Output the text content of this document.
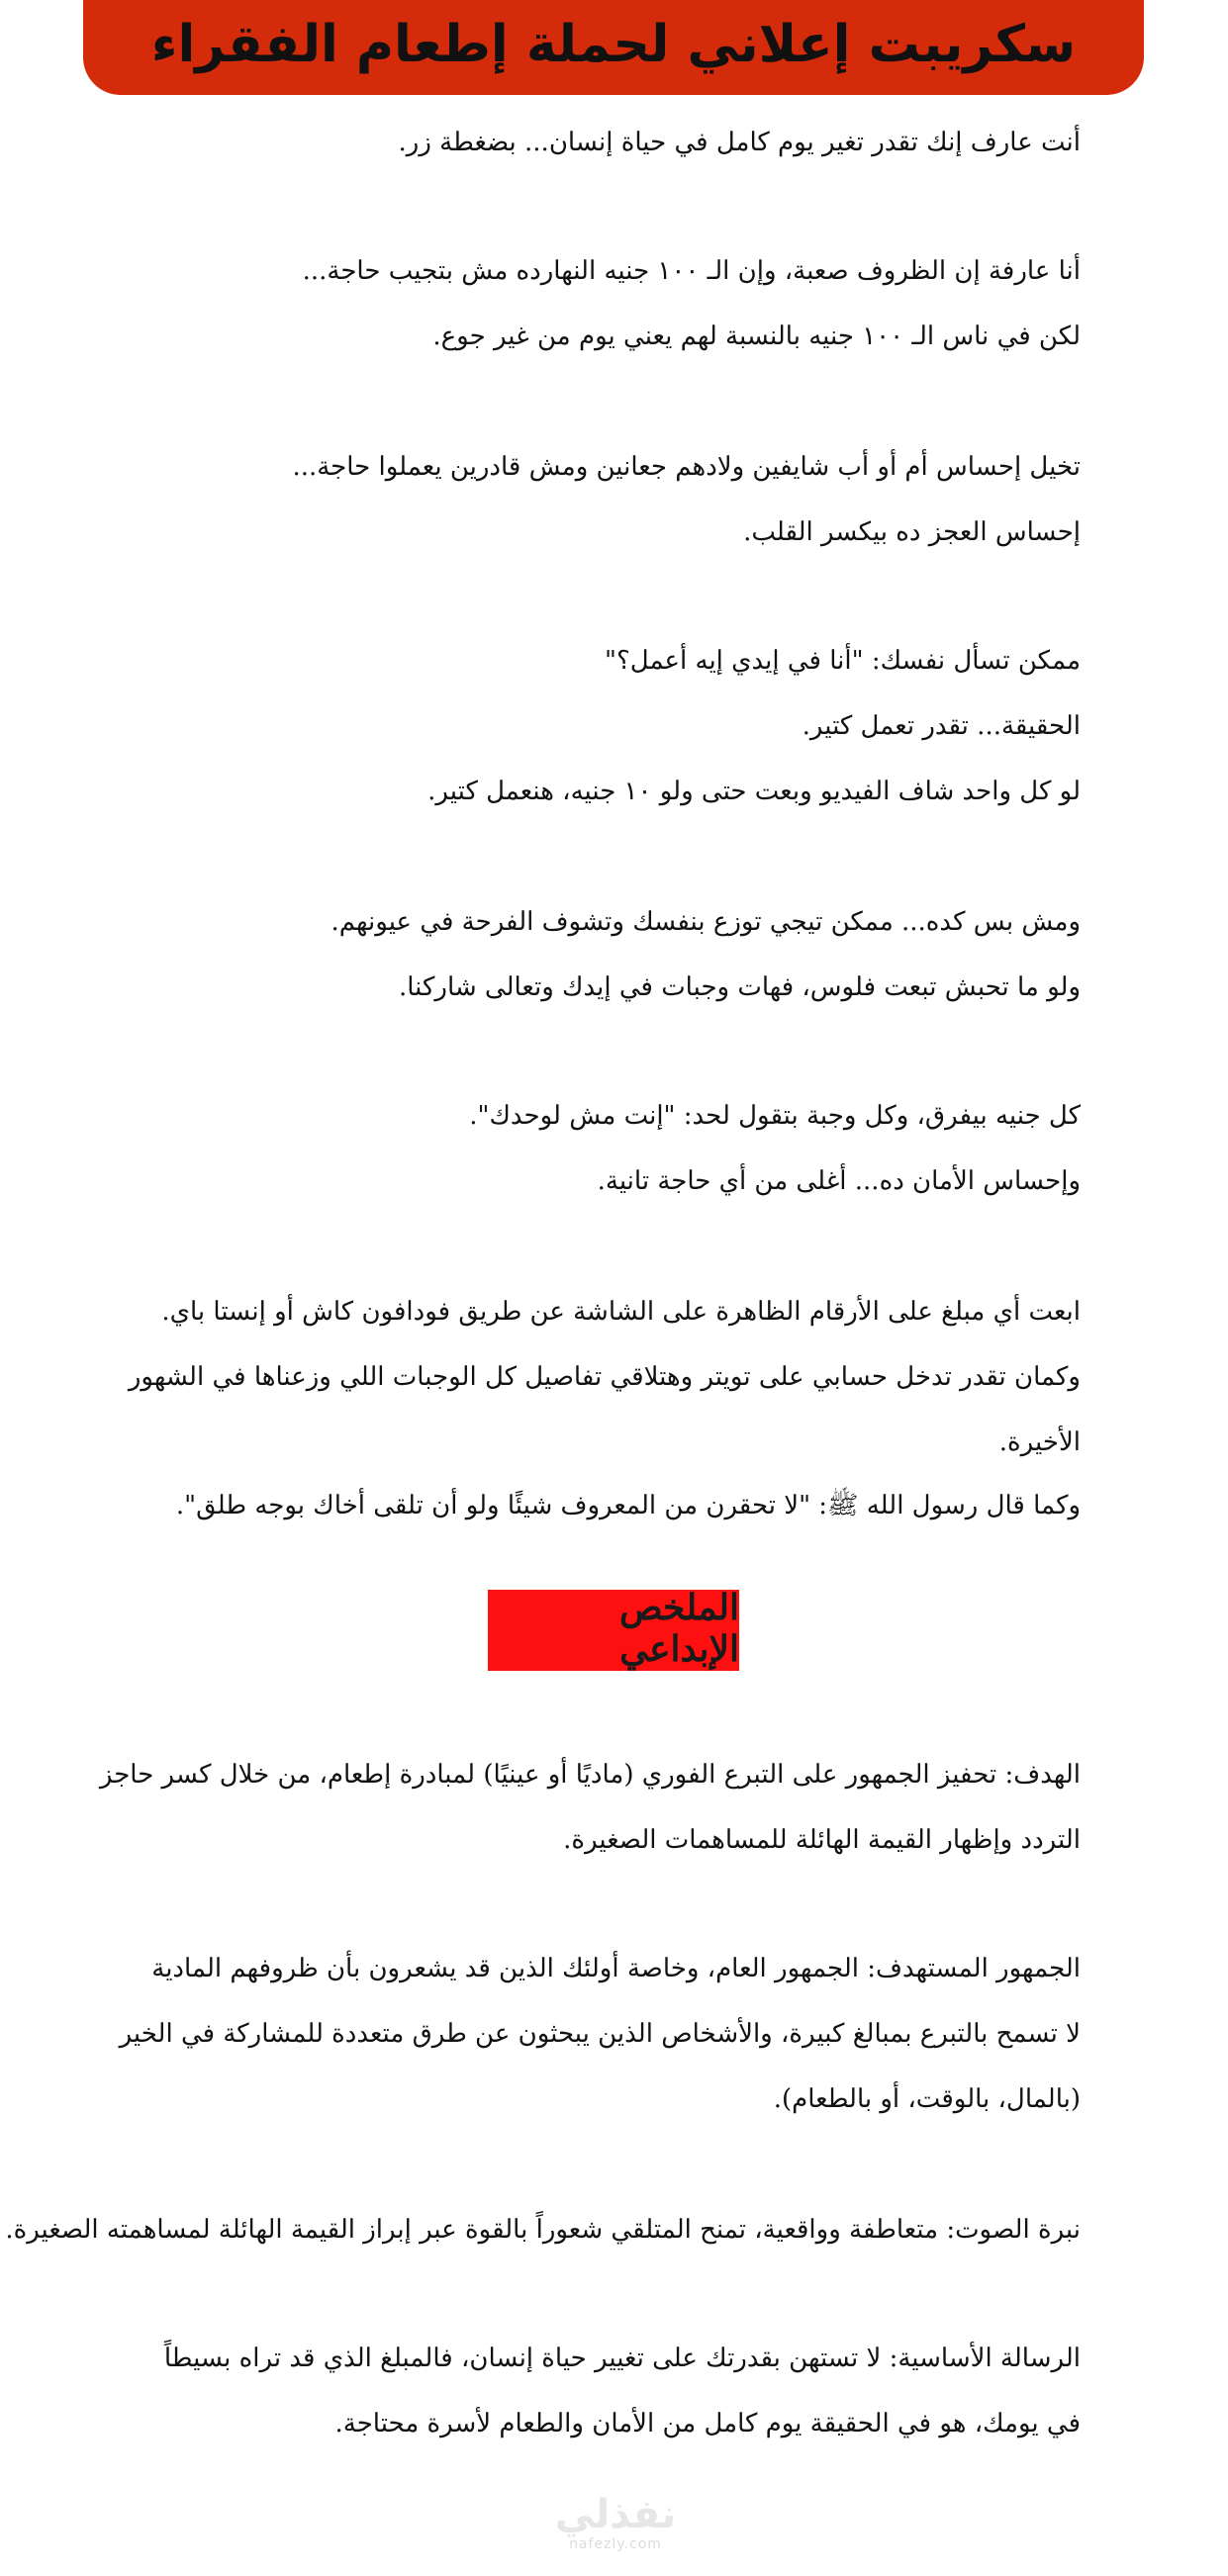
سكريبت إعلاني لحملة إطعام الفقراء
أنت عارف إنك تقدر تغير يوم كامل في حياة إنسان... بضغطة زر.
أنا عارفة إن الظروف صعبة، وإن الـ ١٠٠ جنيه النهارده مش بتجيب حاجة...
لكن في ناس الـ ١٠٠ جنيه بالنسبة لهم يعني يوم من غير جوع.
تخيل إحساس أم أو أب شايفين ولادهم جعانين ومش قادرين يعملوا حاجة...
إحساس العجز ده بيكسر القلب.
ممكن تسأل نفسك: "أنا في إيدي إيه أعمل؟"
الحقيقة... تقدر تعمل كتير.
لو كل واحد شاف الفيديو وبعت حتى ولو ١٠ جنيه، هنعمل كتير.
ومش بس كده... ممكن تيجي توزع بنفسك وتشوف الفرحة في عيونهم.
ولو ما تحبش تبعت فلوس، فهات وجبات في إيدك وتعالى شاركنا.
كل جنيه بيفرق، وكل وجبة بتقول لحد: "إنت مش لوحدك".
وإحساس الأمان ده... أغلى من أي حاجة تانية.
ابعت أي مبلغ على الأرقام الظاهرة على الشاشة عن طريق فودافون كاش أو إنستا باي.
وكمان تقدر تدخل حسابي على تويتر وهتلاقي تفاصيل كل الوجبات اللي وزعناها في الشهور
الأخيرة.
وكما قال رسول الله ﷺ: "لا تحقرن من المعروف شيئًا ولو أن تلقى أخاك بوجه طلق".
الملخص الإبداعي
الهدف: تحفيز الجمهور على التبرع الفوري (ماديًا أو عينيًا) لمبادرة إطعام، من خلال كسر حاجز
التردد وإظهار القيمة الهائلة للمساهمات الصغيرة.
الجمهور المستهدف: الجمهور العام، وخاصة أولئك الذين قد يشعرون بأن ظروفهم المادية
لا تسمح بالتبرع بمبالغ كبيرة، والأشخاص الذين يبحثون عن طرق متعددة للمشاركة في الخير
(بالمال، بالوقت، أو بالطعام).
نبرة الصوت: متعاطفة وواقعية، تمنح المتلقي شعوراً بالقوة عبر إبراز القيمة الهائلة لمساهمته الصغيرة.
الرسالة الأساسية: لا تستهن بقدرتك على تغيير حياة إنسان، فالمبلغ الذي قد تراه بسيطاً
في يومك، هو في الحقيقة يوم كامل من الأمان والطعام لأسرة محتاجة.
نفذلي
nafezly.com
